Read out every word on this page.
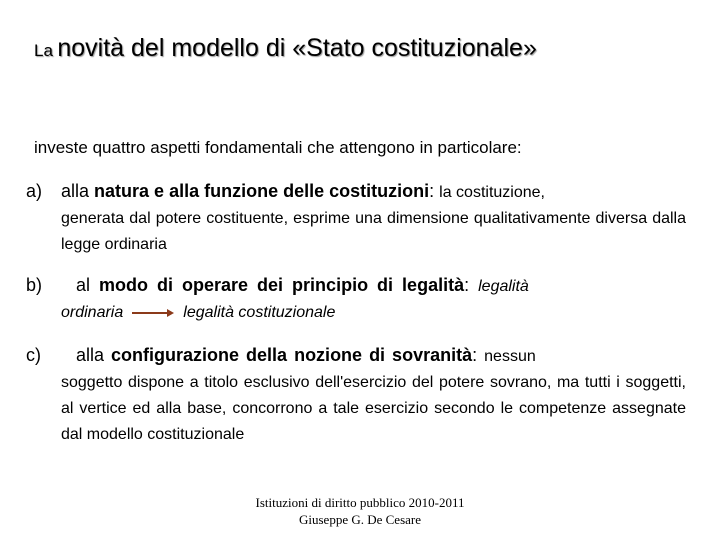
La novità del modello di «Stato costituzionale»
investe quattro aspetti fondamentali che attengono in particolare:
a)	alla natura e alla funzione delle costituzioni: la costituzione,
generata dal potere costituente, esprime una dimensione qualitativamente diversa dalla legge ordinaria
b)	al modo di operare dei principio di legalità: legalità
ordinaria	legalità costituzionale
c)	alla configurazione della nozione di sovranità: nessun
soggetto dispone a titolo esclusivo dell'esercizio del potere sovrano, ma tutti i soggetti, al vertice ed alla base, concorrono a tale esercizio secondo le competenze assegnate dal modello costituzionale
Istituzioni di diritto pubblico 2010-2011
Giuseppe G. De Cesare
